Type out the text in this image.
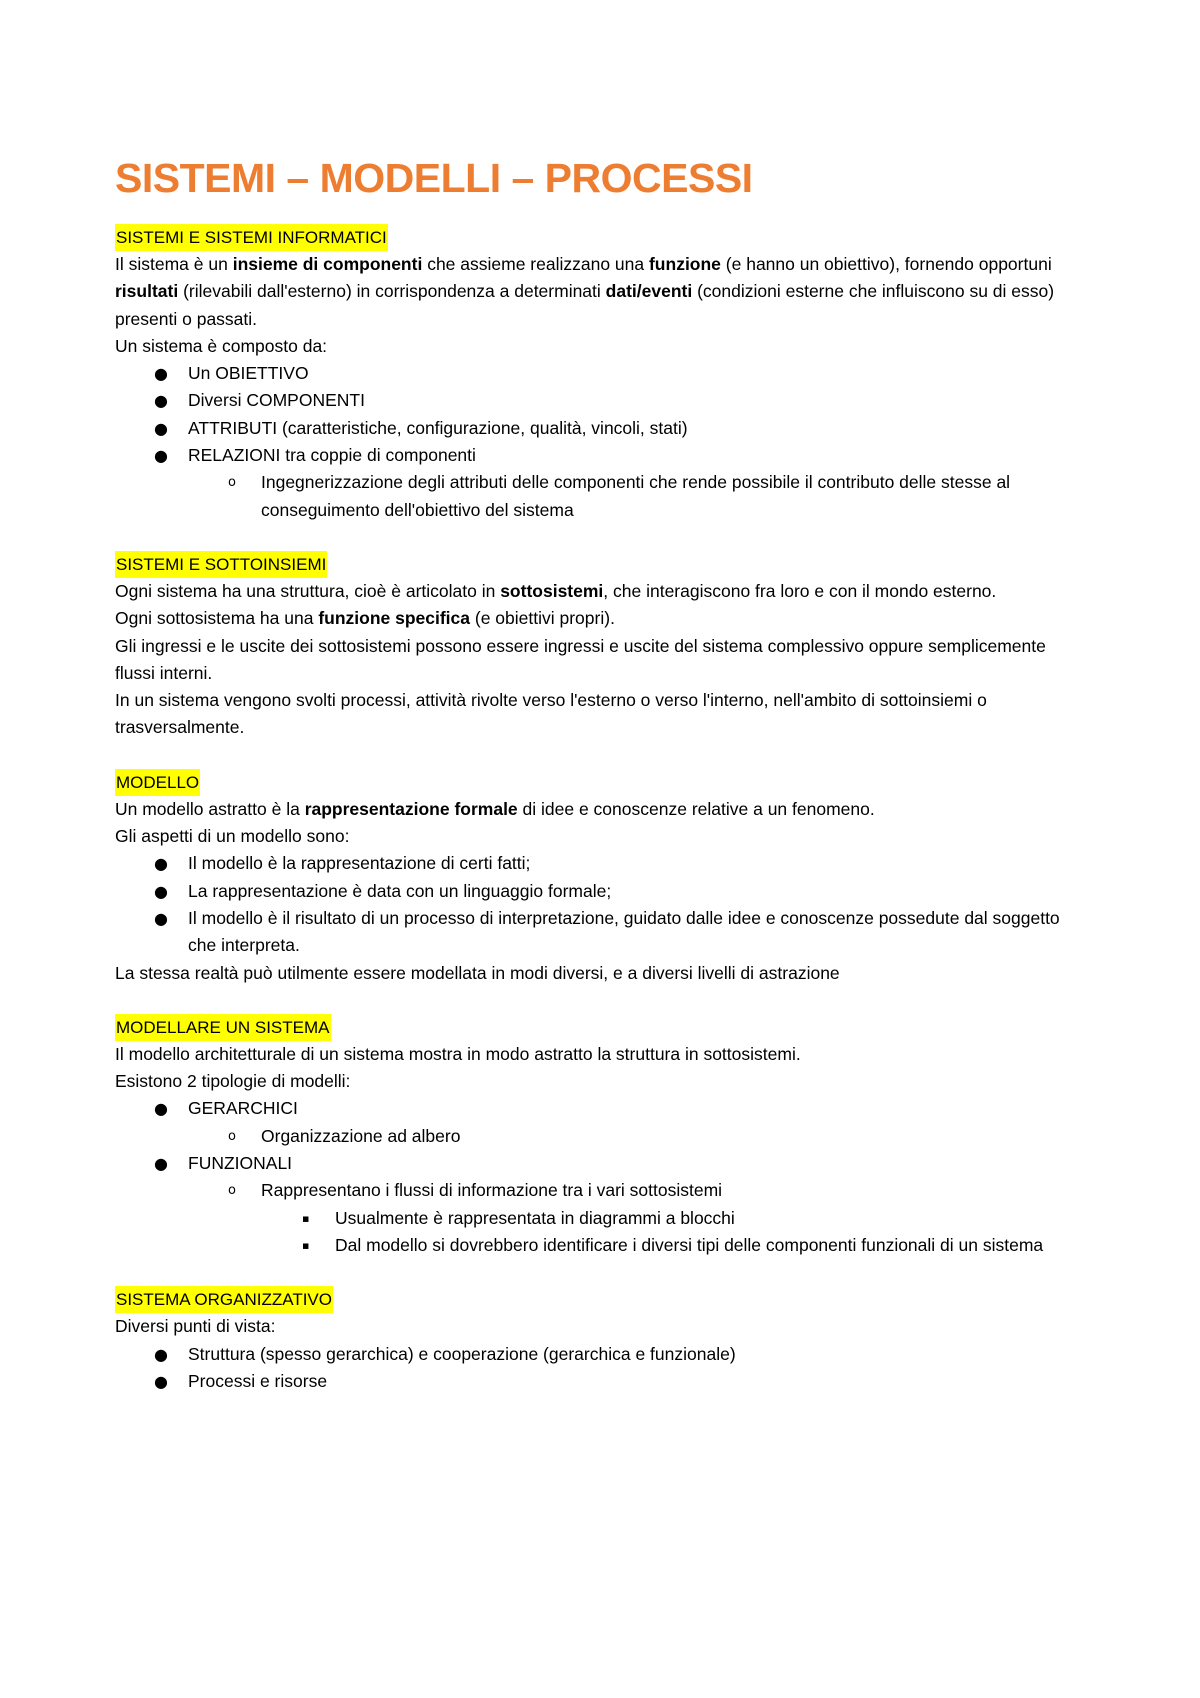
SISTEMI – MODELLI – PROCESSI
SISTEMI E SISTEMI INFORMATICI

Il sistema è un insieme di componenti che assieme realizzano una funzione (e hanno un obiettivo), fornendo opportuni risultati (rilevabili dall'esterno) in corrispondenza a determinati dati/eventi (condizioni esterne che influiscono su di esso) presenti o passati.

Un sistema è composto da:

● Un OBIETTIVO
● Diversi COMPONENTI
● ATTRIBUTI (caratteristiche, configurazione, qualità, vincoli, stati)
● RELAZIONI tra coppie di componenti
o Ingegnerizzazione degli attributi delle componenti che rende possibile il contributo delle stesse al conseguimento dell'obiettivo del sistema
SISTEMI E SOTTOINSIEMI

Ogni sistema ha una struttura, cioè è articolato in sottosistemi, che interagiscono fra loro e con il mondo esterno.

Ogni sottosistema ha una funzione specifica (e obiettivi propri).

Gli ingressi e le uscite dei sottosistemi possono essere ingressi e uscite del sistema complessivo oppure semplicemente flussi interni.

In un sistema vengono svolti processi, attività rivolte verso l'esterno o verso l'interno, nell'ambito di sottoinsiemi o trasversalmente.

MODELLO

Un modello astratto è la rappresentazione formale di idee e conoscenze relative a un fenomeno.

Gli aspetti di un modello sono:

● Il modello è la rappresentazione di certi fatti;
● La rappresentazione è data con un linguaggio formale;
● Il modello è il risultato di un processo di interpretazione, guidato dalle idee e conoscenze possedute dal soggetto che interpreta.

La stessa realtà può utilmente essere modellata in modi diversi, e a diversi livelli di astrazione

MODELLARE UN SISTEMA

Il modello architetturale di un sistema mostra in modo astratto la struttura in sottosistemi.

Esistono 2 tipologie di modelli:

● GERARCHICI
o Organizzazione ad albero
● FUNZIONALI
o Rappresentano i flussi di informazione tra i vari sottosistemi
▪ Usualmente è rappresentata in diagrammi a blocchi
▪ Dal modello si dovrebbero identificare i diversi tipi delle componenti funzionali di un sistema
SISTEMA ORGANIZZATIVO

Diversi punti di vista:

● Struttura (spesso gerarchica) e cooperazione (gerarchica e funzionale)
● Processi e risorse
